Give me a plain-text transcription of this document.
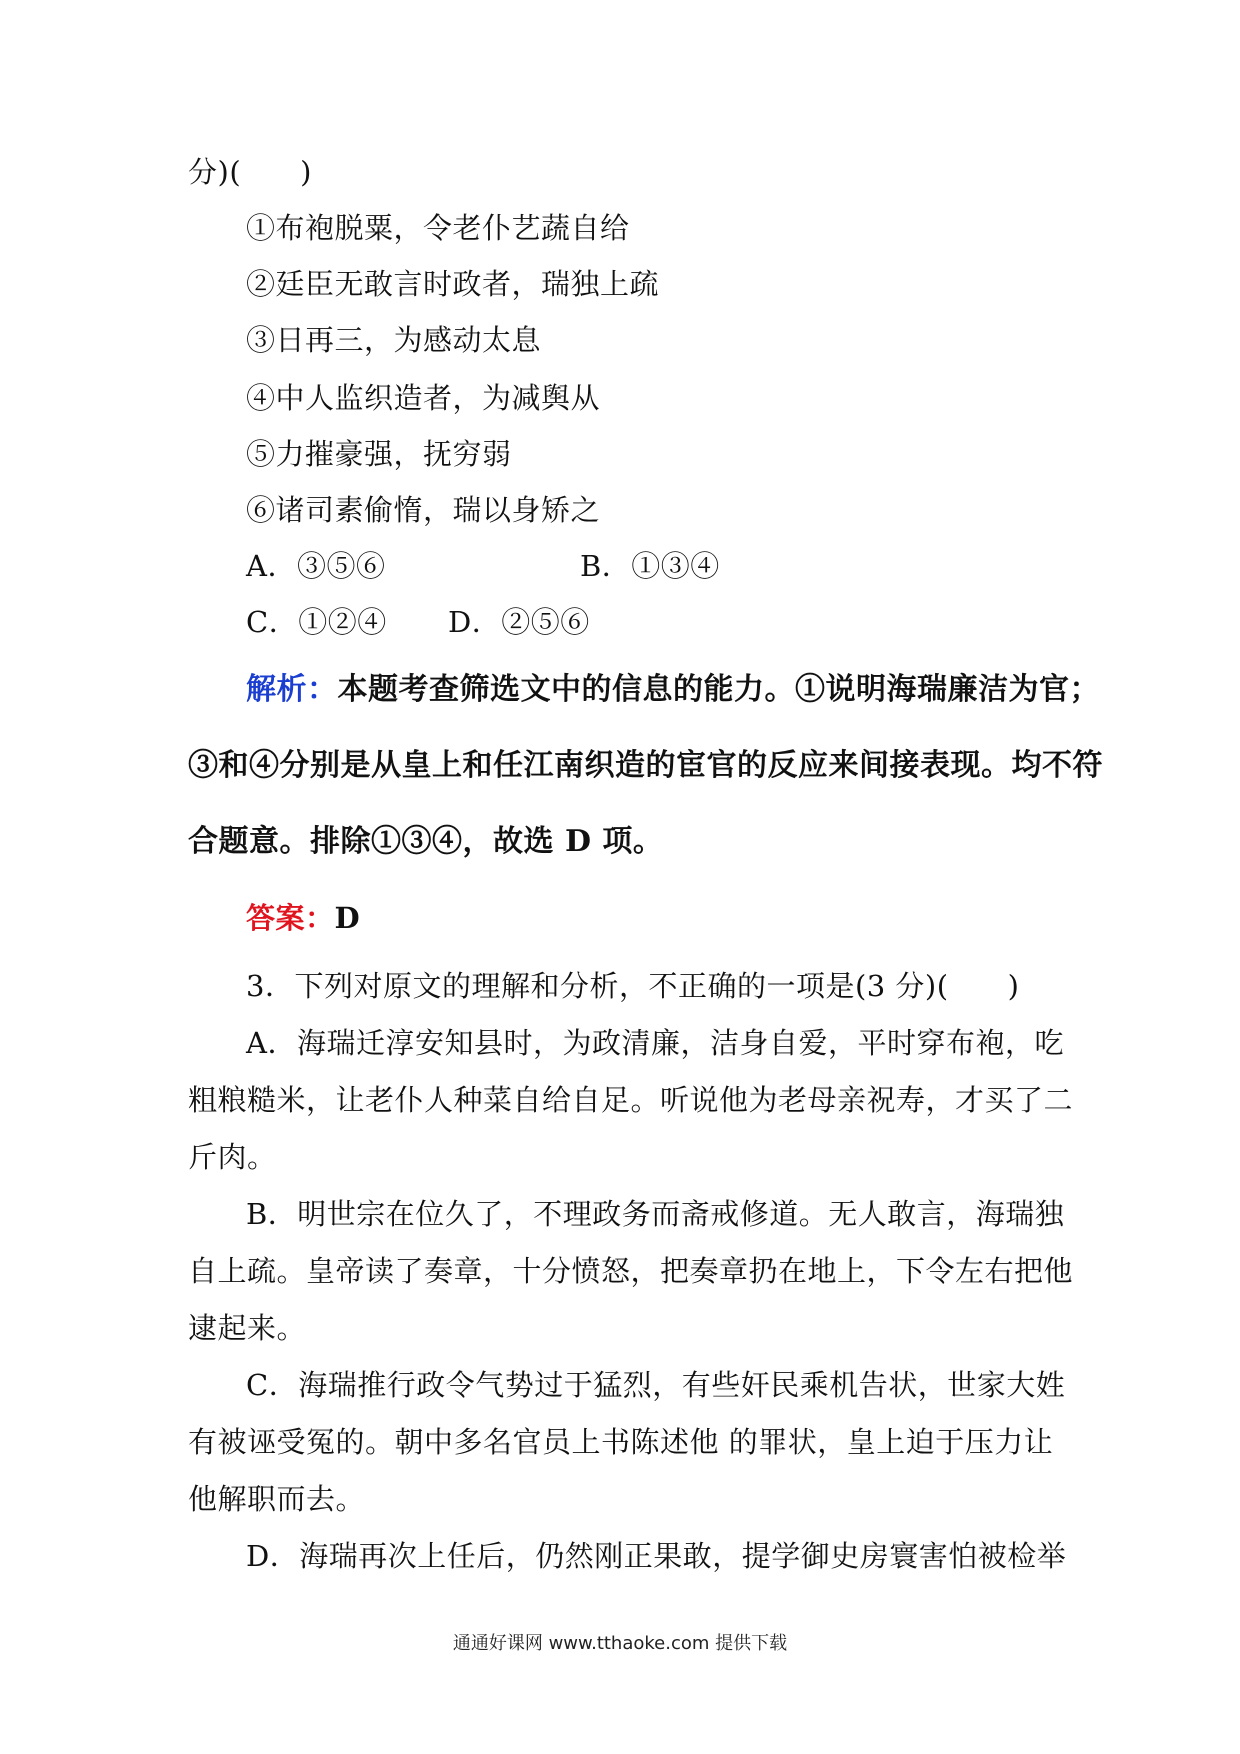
分)(　　)
①布袍脱粟，令老仆艺蔬自给
②廷臣无敢言时政者，瑞独上疏
③日再三，为感动太息
④中人监织造者，为减舆从
⑤力摧豪强，抚穷弱
⑥诸司素偷惰，瑞以身矫之
A．③⑤⑥	B．①③④
C．①②④ D．②⑤⑥
解析：本题考查筛选文中的信息的能力。①说明海瑞廉洁为官；
③和④分别是从皇上和任江南织造的宦官的反应来间接表现。均不符
合题意。排除①③④，故选 D 项。
答案：D
3．下列对原文的理解和分析，不正确的一项是(3 分)(　　)
A．海瑞迁淳安知县时，为政清廉，洁身自爱，平时穿布袍，吃
粗粮糙米，让老仆人种菜自给自足。听说他为老母亲祝寿，才买了二
斤肉。
B．明世宗在位久了，不理政务而斋戒修道。无人敢言，海瑞独
自上疏。皇帝读了奏章，十分愤怒，把奏章扔在地上，下令左右把他
逮起来。
C．海瑞推行政令气势过于猛烈，有些奸民乘机告状，世家大姓
有被诬受冤的。朝中多名官员上书陈述他 的罪状，皇上迫于压力让
他解职而去。
D．海瑞再次上任后，仍然刚正果敢，提学御史房寰害怕被检举
通通好课网 www.tthaoke.com 提供下载
